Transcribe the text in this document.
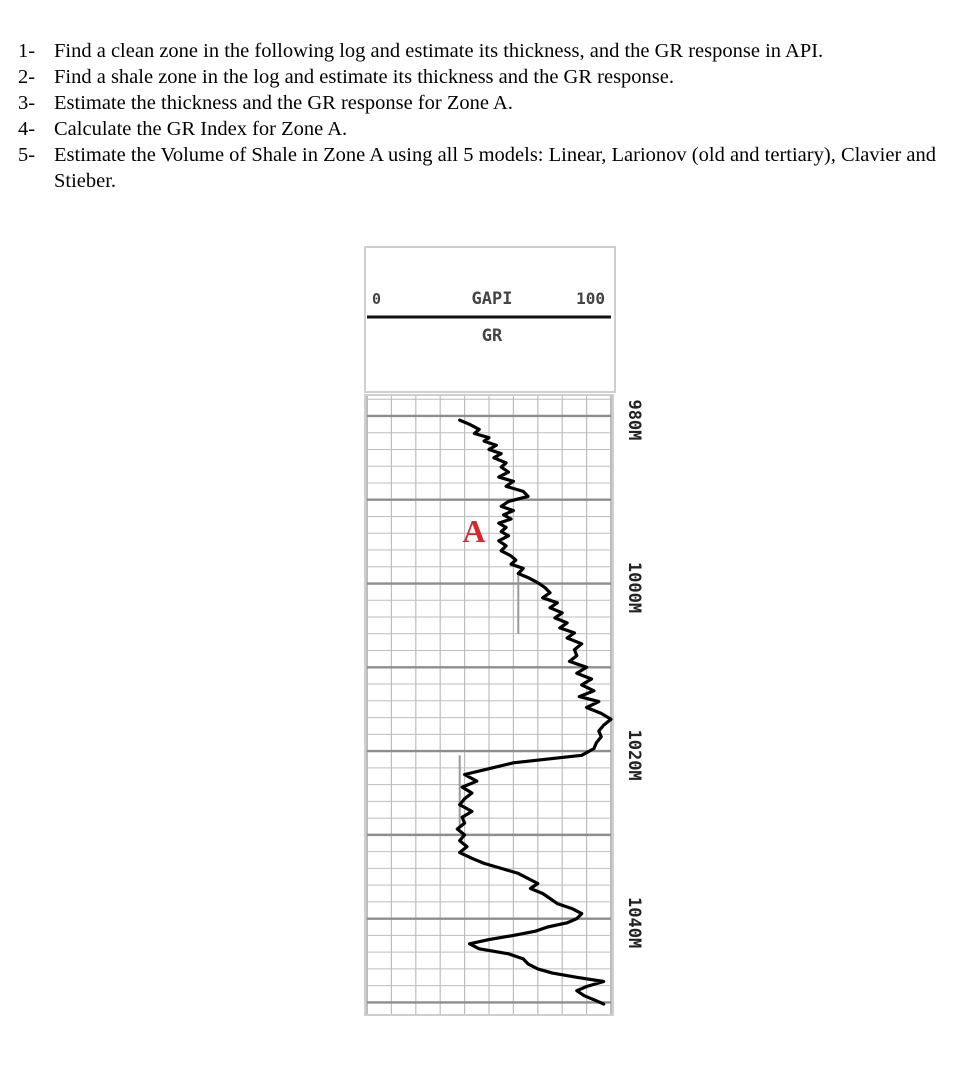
1- Find a clean zone in the following log and estimate its thickness, and the GR response in API.
2- Find a shale zone in the log and estimate its thickness and the GR response.
3- Estimate the thickness and the GR response for Zone A.
4- Calculate the GR Index for Zone A.
5- Estimate the Volume of Shale in Zone A using all 5 models: Linear, Larionov (old and tertiary), Clavier and Stieber.
0	GAPI	100
GR
A
980M
1000M
1020M
1040M
